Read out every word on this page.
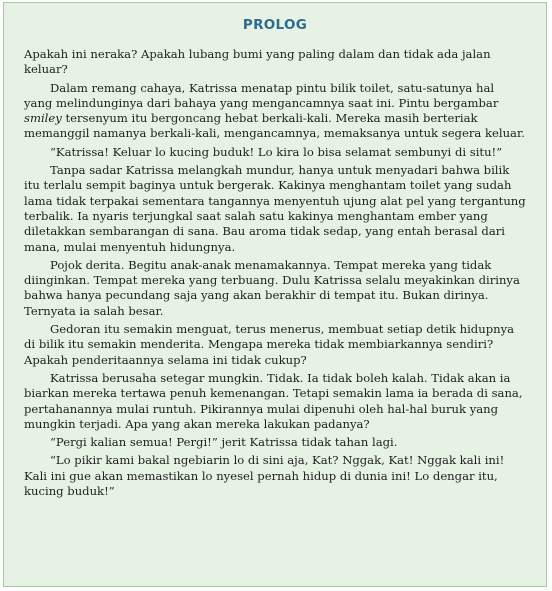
PROLOG

Apakah ini neraka? Apakah lubang bumi yang paling dalam dan tidak ada jalan keluar?

Dalam remang cahaya, Katrissa menatap pintu bilik toilet, satu-satunya hal yang melindunginya dari bahaya yang mengancamnya saat ini. Pintu bergambar smiley tersenyum itu bergoncang hebat berkali-kali. Mereka masih berteriak memanggil namanya berkali-kali, mengancamnya, memaksanya untuk segera keluar.

“Katrissa! Keluar lo kucing buduk! Lo kira lo bisa selamat sembunyi di situ!”

Tanpa sadar Katrissa melangkah mundur, hanya untuk menyadari bahwa bilik itu terlalu sempit baginya untuk bergerak. Kakinya menghantam toilet yang sudah lama tidak terpakai sementara tangannya menyentuh ujung alat pel yang tergantung terbalik. Ia nyaris terjungkal saat salah satu kakinya menghantam ember yang diletakkan sembarangan di sana. Bau aroma tidak sedap, yang entah berasal dari mana, mulai menyentuh hidungnya.

Pojok derita. Begitu anak-anak menamakannya. Tempat mereka yang tidak diinginkan. Tempat mereka yang terbuang. Dulu Katrissa selalu meyakinkan dirinya bahwa hanya pecundang saja yang akan berakhir di tempat itu. Bukan dirinya. Ternyata ia salah besar.

Gedoran itu semakin menguat, terus menerus, membuat setiap detik hidupnya di bilik itu semakin menderita. Mengapa mereka tidak membiarkannya sendiri? Apakah penderitaannya selama ini tidak cukup?

Katrissa berusaha setegar mungkin. Tidak. Ia tidak boleh kalah. Tidak akan ia biarkan mereka tertawa penuh kemenangan. Tetapi semakin lama ia berada di sana, pertahanannya mulai runtuh. Pikirannya mulai dipenuhi oleh hal-hal buruk yang mungkin terjadi. Apa yang akan mereka lakukan padanya?

“Pergi kalian semua! Pergi!” jerit Katrissa tidak tahan lagi.

“Lo pikir kami bakal ngebiarin lo di sini aja, Kat? Nggak, Kat! Nggak kali ini! Kali ini gue akan memastikan lo nyesel pernah hidup di dunia ini! Lo dengar itu, kucing buduk!”
